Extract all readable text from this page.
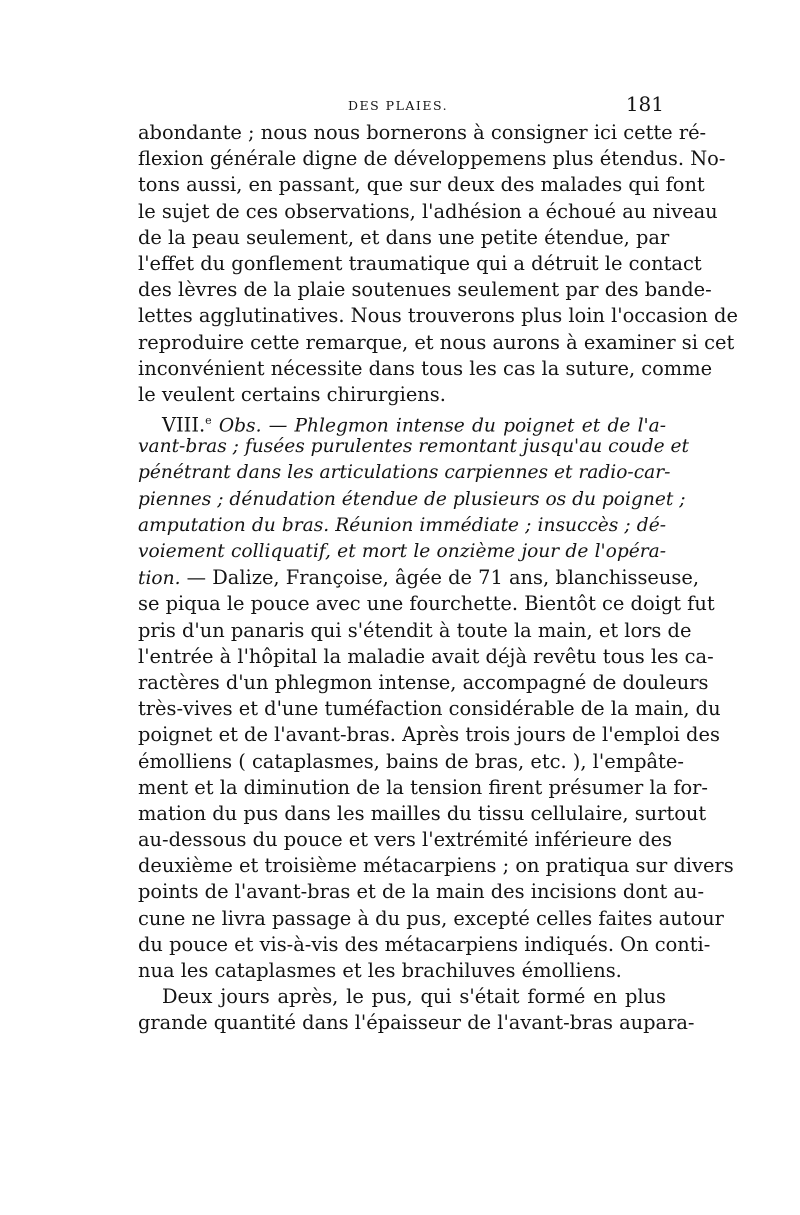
DES PLAIES.	181
abondante ; nous nous bornerons à consigner ici cette ré-
flexion générale digne de développemens plus étendus. No-
tons aussi, en passant, que sur deux des malades qui font
le sujet de ces observations, l'adhésion a échoué au niveau
de la peau seulement, et dans une petite étendue, par
l'effet du gonflement traumatique qui a détruit le contact
des lèvres de la plaie soutenues seulement par des bande-
lettes agglutinatives. Nous trouverons plus loin l'occasion de
reproduire cette remarque, et nous aurons à examiner si cet
inconvénient nécessite dans tous les cas la suture, comme
le veulent certains chirurgiens.
VIII.$^e$ Obs. — Phlegmon intense du poignet et de l'a-
vant-bras ; fusées purulentes remontant jusqu'au coude et
pénétrant dans les articulations carpiennes et radio-car-
piennes ; dénudation étendue de plusieurs os du poignet ;
amputation du bras. Réunion immédiate ; insuccès ; dé-
voiement colliquatif, et mort le onzième jour de l'opéra-
tion. — Dalize, Françoise, âgée de 71 ans, blanchisseuse,
se piqua le pouce avec une fourchette. Bientôt ce doigt fut
pris d'un panaris qui s'étendit à toute la main, et lors de
l'entrée à l'hôpital la maladie avait déjà revêtu tous les ca-
ractères d'un phlegmon intense, accompagné de douleurs
très-vives et d'une tuméfaction considérable de la main, du
poignet et de l'avant-bras. Après trois jours de l'emploi des
émolliens ( cataplasmes, bains de bras, etc. ), l'empâte-
ment et la diminution de la tension firent présumer la for-
mation du pus dans les mailles du tissu cellulaire, surtout
au-dessous du pouce et vers l'extrémité inférieure des
deuxième et troisième métacarpiens ; on pratiqua sur divers
points de l'avant-bras et de la main des incisions dont au-
cune ne livra passage à du pus, excepté celles faites autour
du pouce et vis-à-vis des métacarpiens indiqués. On conti-
nua les cataplasmes et les brachiluves émolliens.
Deux jours après, le pus, qui s'était formé en plus
grande quantité dans l'épaisseur de l'avant-bras aupara-
